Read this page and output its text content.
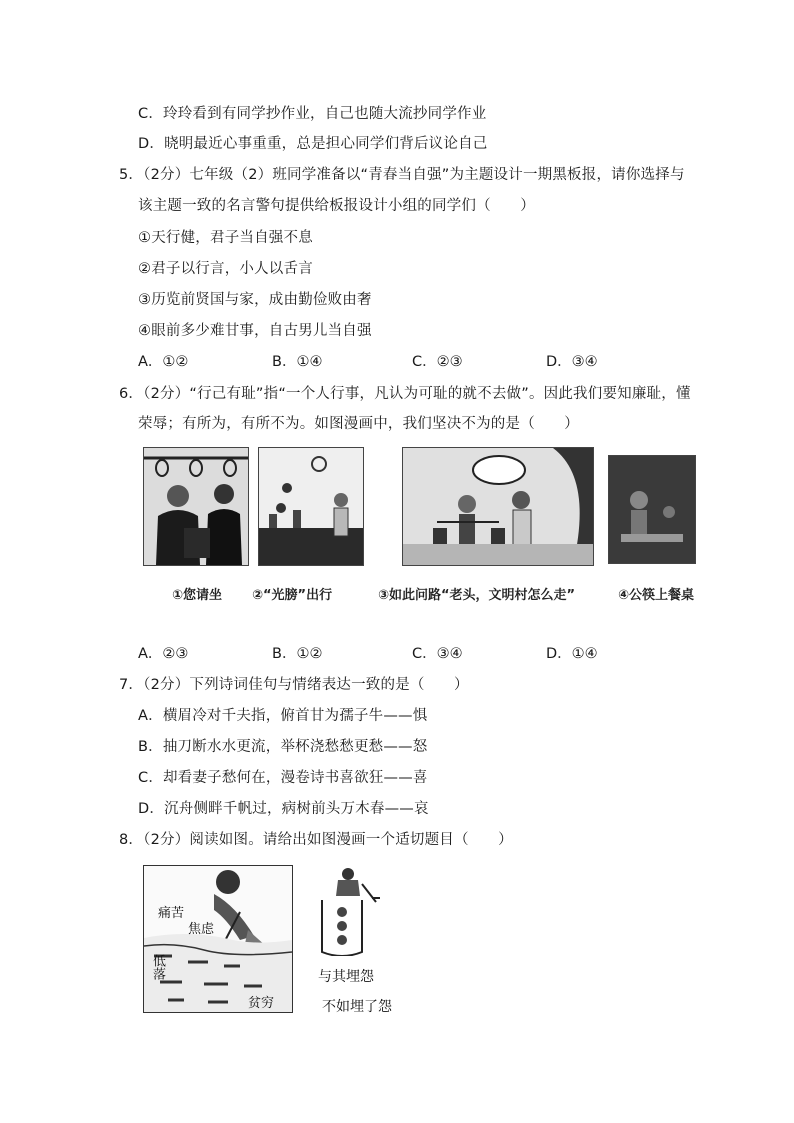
C．玲玲看到有同学抄作业，自己也随大流抄同学作业
D．晓明最近心事重重，总是担心同学们背后议论自己
5．（2分）七年级（2）班同学准备以“青春当自强”为主题设计一期黑板报，请你选择与
该主题一致的名言警句提供给板报设计小组的同学们（　　）
①天行健，君子当自强不息
②君子以行言，小人以舌言
③历览前贤国与家，成由勤俭败由奢
④眼前多少难甘事，自古男儿当自强
A．①②	B．①④	C．②③	D．③④
6．（2分）“行己有耻”指“一个人行事，凡认为可耻的就不去做”。因此我们要知廉耻，懂
荣辱；有所为，有所不为。如图漫画中，我们坚决不为的是（　　）
①您请坐 ②“光膀”出行	③如此问路“老头，文明村怎么走”	④公筷上餐桌
A．②③	B．①②	C．③④	D．①④
7．（2分）下列诗词佳句与情绪表达一致的是（　　）
A．横眉冷对千夫指，俯首甘为孺子牛——惧
B．抽刀断水水更流，举杯浇愁愁更愁——怒
C．却看妻子愁何在，漫卷诗书喜欲狂——喜
D．沉舟侧畔千帆过，病树前头万木春——哀
8．（2分）阅读如图。请给出如图漫画一个适切题目（　　）
痛苦
焦虑
低落
贫穷
与其埋怨
不如埋了怨
